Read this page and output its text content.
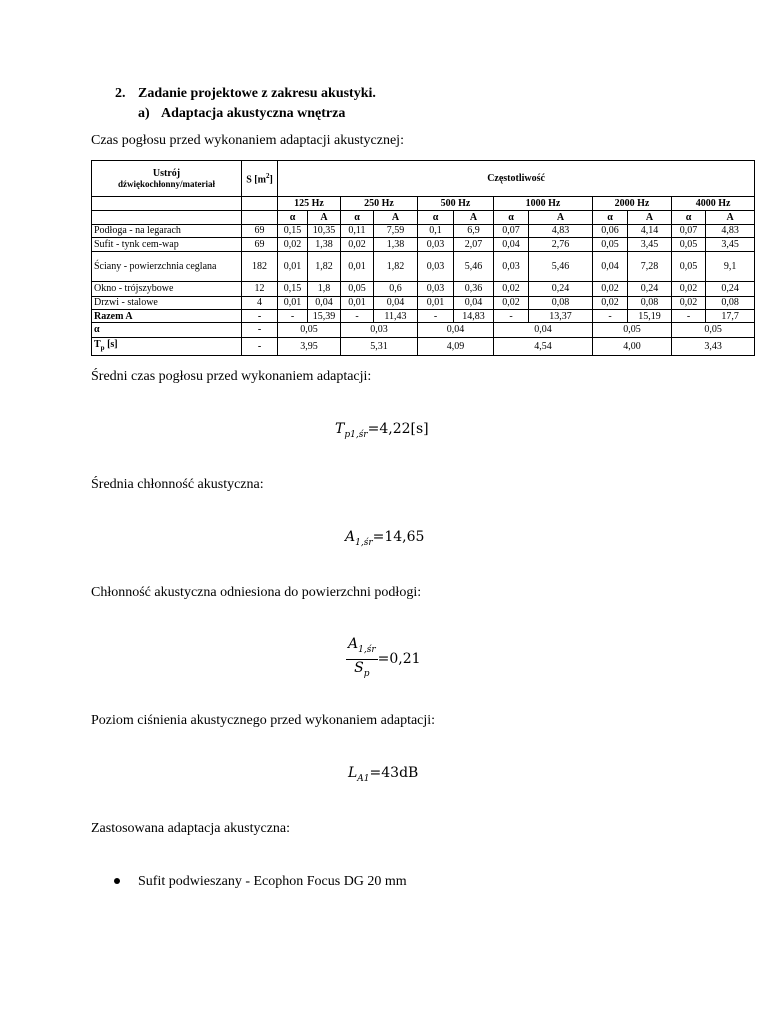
2. Zadanie projektowe z zakresu akustyki.
a) Adaptacja akustyczna wnętrza
Czas pogłosu przed wykonaniem adaptacji akustycznej:
Ustrój
dźwiękochłonny/materiał	S $[m^2]$	Częstotliwość											

		125 Hz		250 Hz		500 Hz		1000 Hz		2000 Hz		4000 Hz	
		α	A	α	A	α	A	α	A	α	A	α	A
Podłoga - na legarach	69	0,15	10,35	0,11	7,59	0,1	6,9	0,07	4,83	0,06	4,14	0,07	4,83
Sufit - tynk cem-wap	69	0,02	1,38	0,02	1,38	0,03	2,07	0,04	2,76	0,05	3,45	0,05	3,45
Ściany - powierzchnia ceglana	182	0,01	1,82	0,01	1,82	0,03	5,46	0,03	5,46	0,04	7,28	0,05	9,1
Okno - trójszybowe	12	0,15	1,8	0,05	0,6	0,03	0,36	0,02	0,24	0,02	0,24	0,02	0,24
Drzwi - stalowe	4	0,01	0,04	0,01	0,04	0,01	0,04	0,02	0,08	0,02	0,08	0,02	0,08
Razem A	-	-	15,39	-	11,43	-	14,83	-	13,37	-	15,19	-	17,7
α	-	0,05		0,03		0,04		0,04		0,05		0,05	
$T_p$ [s]	-	3,95		5,31		4,09		4,54		4,00		3,43	
Średni czas pogłosu przed wykonaniem adaptacji:
$T_{p1,śr}=4,22[s]$
Średnia chłonność akustyczna:
$A_{1,śr}=14,65$
Chłonność akustyczna odniesiona do powierzchni podłogi:
$\frac{A_{1,śr}}{S_p} =0,21$
Poziom ciśnienia akustycznego przed wykonaniem adaptacji:
$L_{A1}=43dB$
Zastosowana adaptacja akustyczna:
Sufit podwieszany - Ecophon Focus DG 20 mm
